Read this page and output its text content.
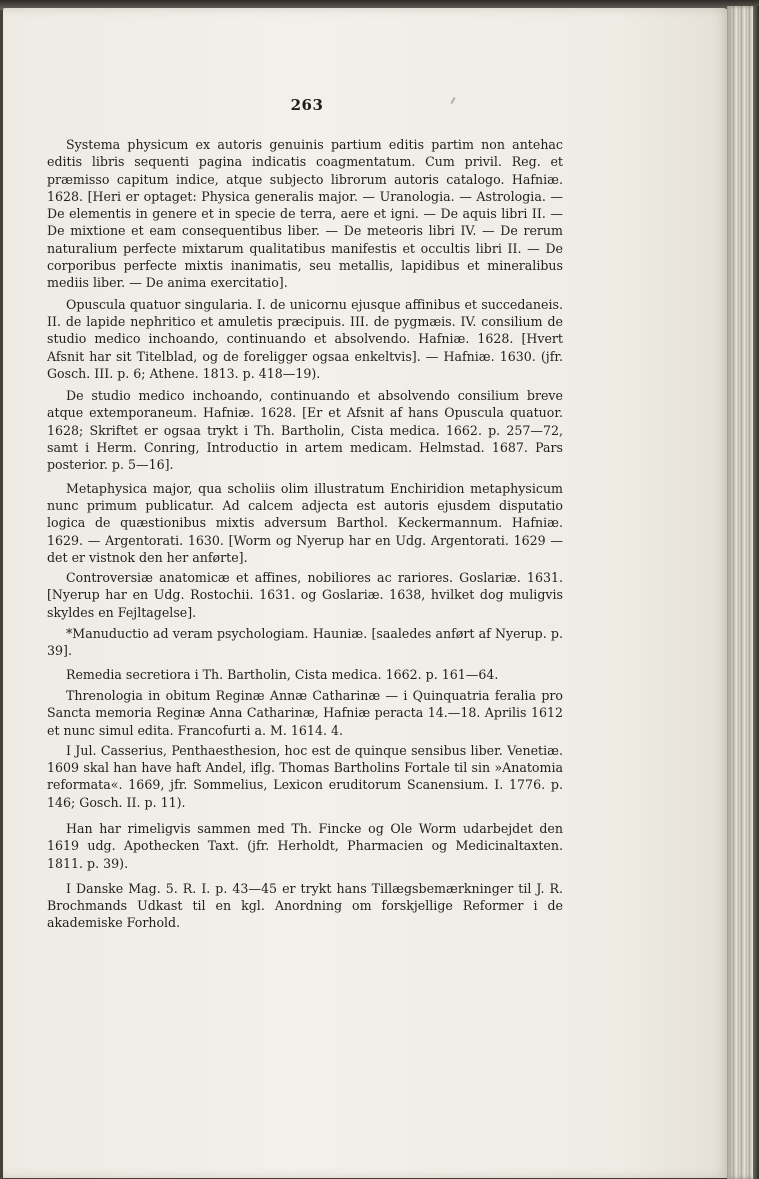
263

Systema physicum ex autoris genuinis partium editis partim non antehac editis libris sequenti pagina indicatis coagmentatum. Cum privil. Reg. et præmisso capitum indice, atque subjecto librorum autoris catalogo. Hafniæ. 1628. [Heri er optaget: Physica generalis major. — Uranologia. — Astrologia. — De elementis in genere et in specie de terra, aere et igni. — De aquis libri II. — De mixtione et eam consequentibus liber. — De meteoris libri IV. — De rerum naturalium perfecte mixtarum qualitatibus manifestis et occultis libri II. — De corporibus perfecte mixtis inanimatis, seu metallis, lapidibus et mineralibus mediis liber. — De anima exercitatio].

Opuscula quatuor singularia. I. de unicornu ejusque affinibus et succedaneis. II. de lapide nephritico et amuletis præcipuis. III. de pygmæis. IV. consilium de studio medico inchoando, continuando et absolvendo. Hafniæ. 1628. [Hvert Afsnit har sit Titelblad, og de foreligger ogsaa enkeltvis]. — Hafniæ. 1630. (jfr. Gosch. III. p. 6; Athene. 1813. p. 418—19).

De studio medico inchoando, continuando et absolvendo consilium breve atque extemporaneum. Hafniæ. 1628. [Er et Afsnit af hans Opuscula quatuor. 1628; Skriftet er ogsaa trykt i Th. Bartholin, Cista medica. 1662. p. 257—72, samt i Herm. Conring, Introductio in artem medicam. Helmstad. 1687. Pars posterior. p. 5—16].

Metaphysica major, qua scholiis olim illustratum Enchiridion metaphysicum nunc primum publicatur. Ad calcem adjecta est autoris ejusdem disputatio logica de quæstionibus mixtis adversum Barthol. Keckermannum. Hafniæ. 1629. — Argentorati. 1630. [Worm og Nyerup har en Udg. Argentorati. 1629 — det er vistnok den her anførte].

Controversiæ anatomicæ et affines, nobiliores ac rariores. Goslariæ. 1631. [Nyerup har en Udg. Rostochii. 1631. og Goslariæ. 1638, hvilket dog muligvis skyldes en Fejltagelse].

*Manuductio ad veram psychologiam. Hauniæ. [saaledes anført af Nyerup. p. 39].

Remedia secretiora i Th. Bartholin, Cista medica. 1662. p. 161—64.

Threnologia in obitum Reginæ Annæ Catharinæ — i Quinquatria feralia pro Sancta memoria Reginæ Anna Catharinæ, Hafniæ peracta 14.—18. Aprilis 1612 et nunc simul edita. Francofurti a. M. 1614. 4.

I Jul. Casserius, Penthaesthesion, hoc est de quinque sensibus liber. Venetiæ. 1609 skal han have haft Andel, iflg. Thomas Bartholins Fortale til sin »Anatomia reformata«. 1669, jfr. Sommelius, Lexicon eruditorum Scanensium. I. 1776. p. 146; Gosch. II. p. 11).

Han har rimeligvis sammen med Th. Fincke og Ole Worm udarbejdet den 1619 udg. Apothecken Taxt. (jfr. Herholdt, Pharmacien og Medicinaltaxten. 1811. p. 39).

I Danske Mag. 5. R. I. p. 43—45 er trykt hans Tillægsbemærkninger til J. R. Brochmands Udkast til en kgl. Anordning om forskjellige Reformer i de akademiske Forhold.
